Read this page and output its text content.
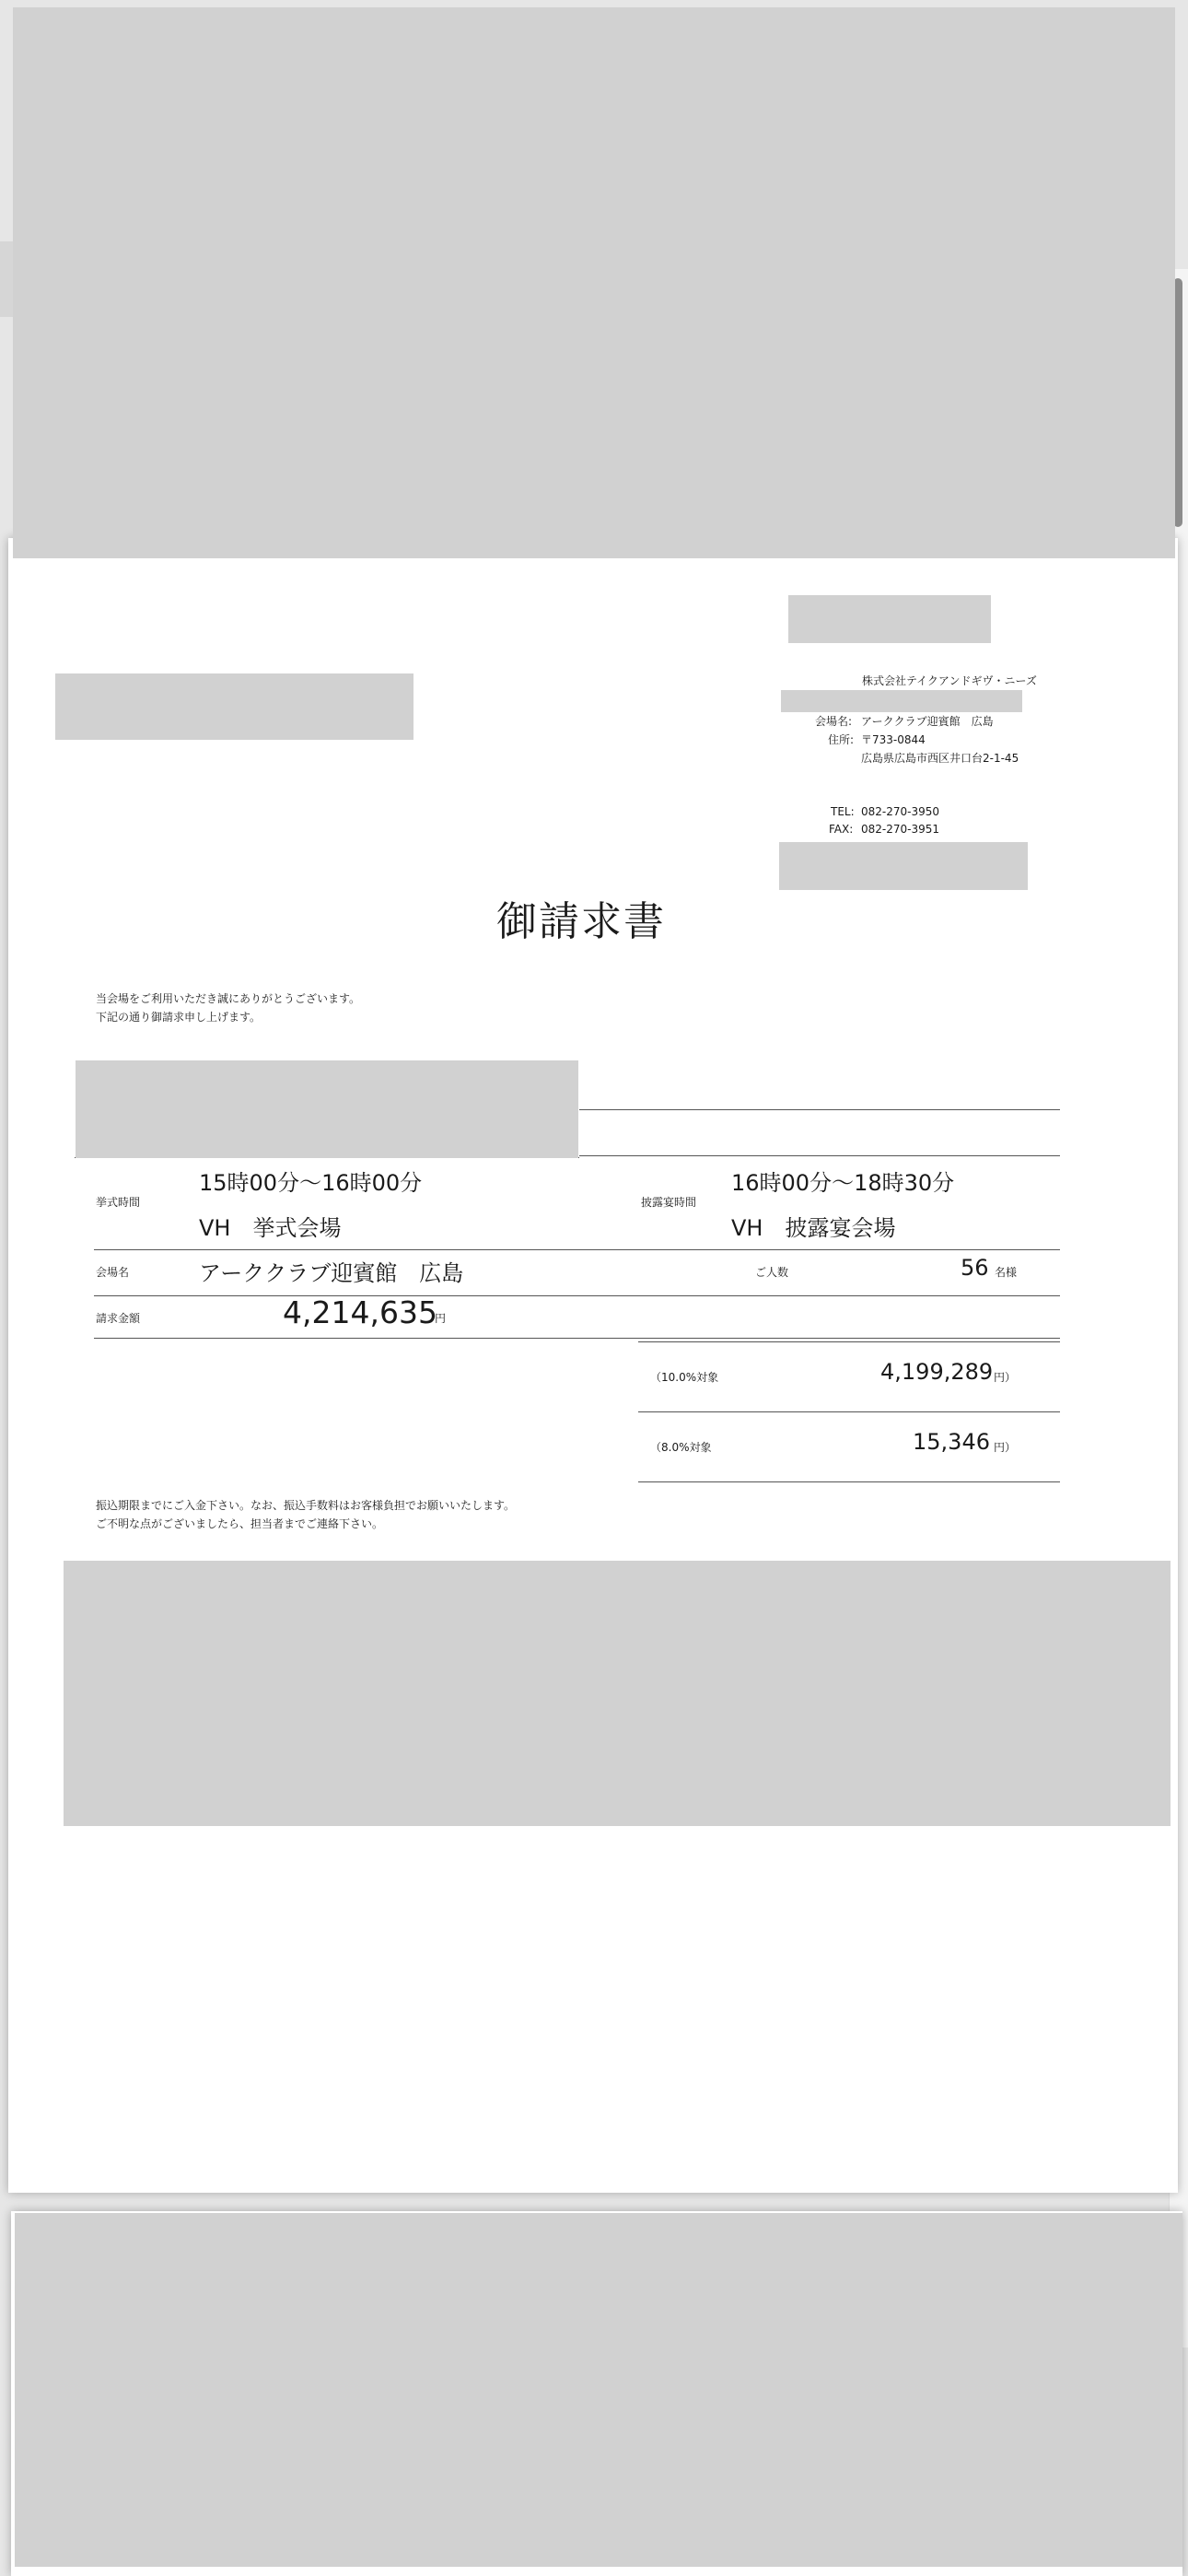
株式会社テイクアンドギヴ・ニーズ
会場名: アーククラブ迎賓館　広島
住所: 〒733-0844
広島県広島市西区井口台2-1-45
TEL: 082-270-3950
FAX: 082-270-3951
御請求書
当会場をご利用いただき誠にありがとうございます。
下記の通り御請求申し上げます。
挙式時間
15時00分〜16時00分
VH　挙式会場
披露宴時間
16時00分〜18時30分
VH　披露宴会場
会場名	アーククラブ迎賓館　広島	ご人数	56 名様
請求金額	4,214,635
円
（10.0%対象	4,199,289 円）
（8.0%対象	15,346 円）
振込期限までにご入金下さい。なお、振込手数料はお客様負担でお願いいたします。
ご不明な点がございましたら、担当者までご連絡下さい。
